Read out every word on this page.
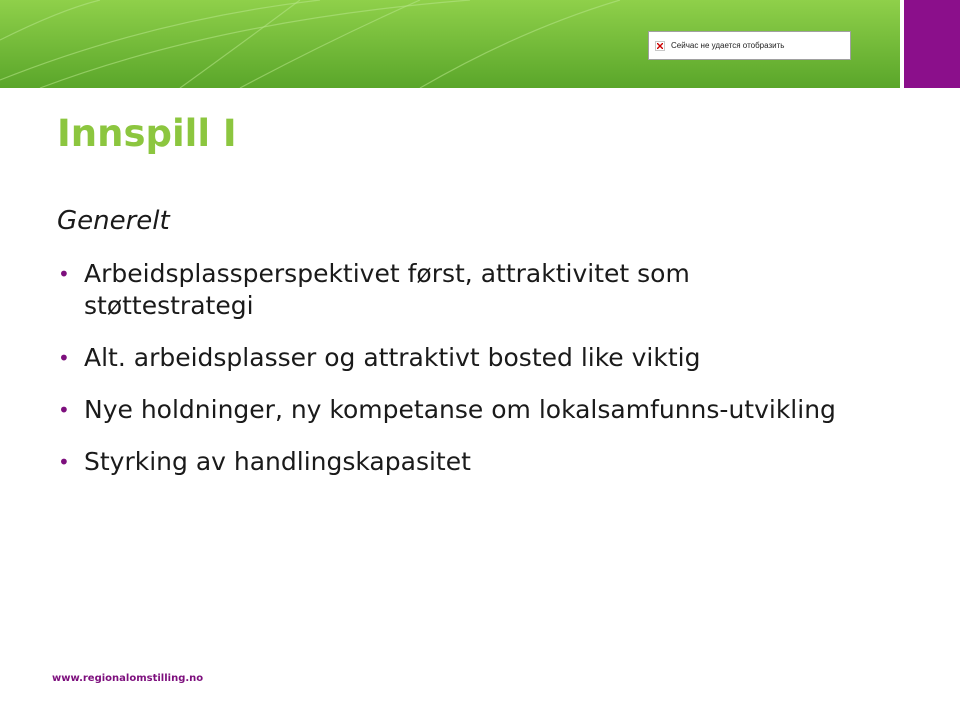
Сейчас не удается отобразить
Innspill I

Generelt

• Arbeidsplassperspektivet først, attraktivitet som støttestrategi
• Alt. arbeidsplasser og attraktivt bosted like viktig
• Nye holdninger, ny kompetanse om lokalsamfunns-utvikling
• Styrking av handlingskapasitet
www.regionalomstilling.no
